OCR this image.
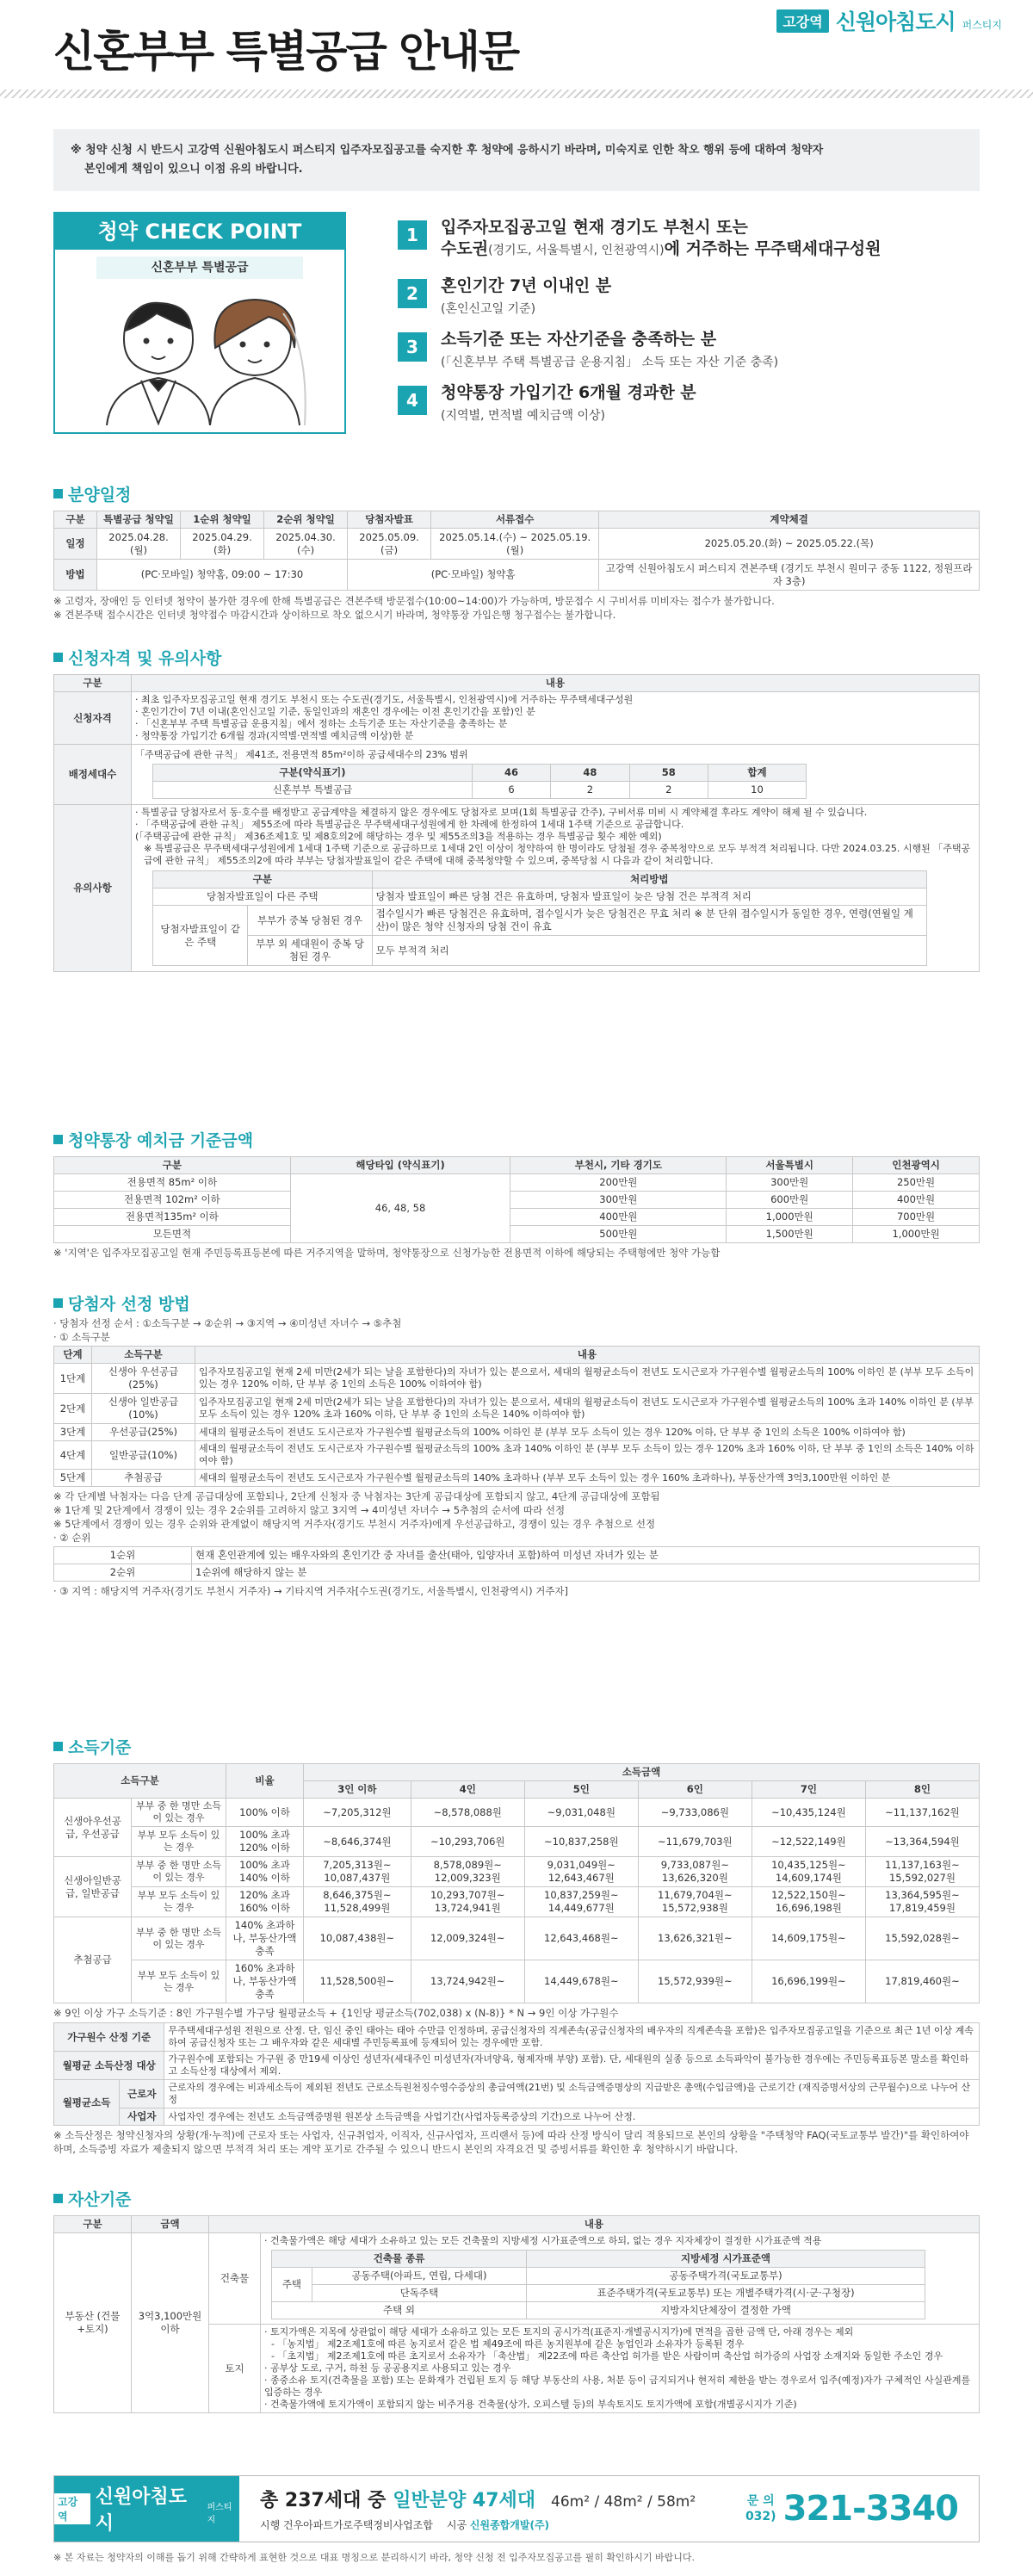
신혼부부 특별공급 안내문
고강역 신원아침도시 퍼스티지
※ 청약 신청 시 반드시 고강역 신원아침도시 퍼스티지 입주자모집공고를 숙지한 후 청약에 응하시기 바라며, 미숙지로 인한 착오 행위 등에 대하여 청약자
본인에게 책임이 있으니 이점 유의 바랍니다.
청약 CHECK POINT
신혼부부 특별공급
1	입주자모집공고일 현재 경기도 부천시 또는
수도권(경기도, 서울특별시, 인천광역시)에 거주하는 무주택세대구성원
2	혼인기간 7년 이내인 분
(혼인신고일 기준)
3	소득기준 또는 자산기준을 충족하는 분
(「신혼부부 주택 특별공급 운용지침」 소득 또는 자산 기준 충족)
4	청약통장 가입기간 6개월 경과한 분
(지역별, 면적별 예치금액 이상)
분양일정
구분	특별공급 청약일	1순위 청약일	2순위 청약일	당첨자발표	서류접수	계약체결
일정	2025.04.28.(월)	2025.04.29.(화)	2025.04.30.(수)	2025.05.09.(금)	2025.05.14.(수) ~ 2025.05.19.(월)	2025.05.20.(화) ~ 2025.05.22.(목)
방법	(PC·모바일) 청약홈, 09:00 ~ 17:30			(PC·모바일) 청약홈		고강역 신원아침도시 퍼스티지 견본주택 (경기도 부천시 원미구 중동 1122, 정원프라자 3층)
※ 고령자, 장애인 등 인터넷 청약이 불가한 경우에 한해 특별공급은 견본주택 방문접수(10:00~14:00)가 가능하며, 방문접수 시 구비서류 미비자는 접수가 불가합니다.
※ 견본주택 접수시간은 인터넷 청약접수 마감시간과 상이하므로 착오 없으시기 바라며, 청약통장 가입은행 청구접수는 불가합니다.
신청자격 및 유의사항
구분	내용
신청자격	
· 최초 입주자모집공고일 현재 경기도 부천시 또는 수도권(경기도, 서울특별시, 인천광역시)에 거주하는 무주택세대구성원
· 혼인기간이 7년 이내(혼인신고일 기준, 동일인과의 재혼인 경우에는 이전 혼인기간을 포함)인 분
· 「신혼부부 주택 특별공급 운용지침」에서 정하는 소득기준 또는 자산기준을 충족하는 분
· 청약통장 가입기간 6개월 경과(지역별·면적별 예치금액 이상)한 분

배정세대수	
「주택공급에 관한 규칙」 제41조, 전용면적 85m²이하 공급세대수의 23% 범위
구분(약식표기)	46	48	58	합계
신혼부부 특별공급	6	2	2	10

유의사항	
· 특별공급 당첨자로서 동·호수를 배정받고 공급계약을 체결하지 않은 경우에도 당첨자로 보며(1회 특별공급 간주), 구비서류 미비 시 계약체결 후라도 계약이 해제 될 수 있습니다.
· 「주택공급에 관한 규칙」 제55조에 따라 특별공급은 무주택세대구성원에게 한 차례에 한정하여 1세대 1주택 기준으로 공급합니다.
(「주택공급에 관한 규칙」 제36조제1호 및 제8호의2에 해당하는 경우 및 제55조의3을 적용하는 경우 특별공급 횟수 제한 예외)
※ 특별공급은 무주택세대구성원에게 1세대 1주택 기준으로 공급하므로 1세대 2인 이상이 청약하여 한 명이라도 당첨될 경우 중복청약으로 모두 부적격 처리됩니다. 다만 2024.03.25. 시행된 「주택공급에 관한 규칙」 제55조의2에 따라 부부는 당첨자발표일이 같은 주택에 대해 중복청약할 수 있으며, 중복당첨 시 다음과 같이 처리합니다.
구분	처리방법
당첨자발표일이 다른 주택	당첨자 발표일이 빠른 당첨 건은 유효하며, 당첨자 발표일이 늦은 당첨 건은 부적격 처리
당첨자발표일이 같은 주택	부부가 중복 당첨된 경우	접수일시가 빠른 당첨건은 유효하며, 접수일시가 늦은 당첨건은 무효 처리 ※ 분 단위 접수일시가 동일한 경우, 연령(연월일 계산)이 많은 청약 신청자의 당첨 건이 유효
부부 외 세대원이 중복 당첨된 경우	모두 부적격 처리
청약통장 예치금 기준금액
구분	해당타입 (약식표기)	부천시, 기타 경기도	서울특별시	인천광역시
전용면적 85m² 이하	46, 48, 58	200만원	300만원	250만원
전용면적 102m² 이하		300만원	600만원	400만원
전용면적135m² 이하		400만원	1,000만원	700만원
모든면적		500만원	1,500만원	1,000만원
※ '지역'은 입주자모집공고일 현재 주민등록표등본에 따른 거주지역을 말하며, 청약통장으로 신청가능한 전용면적 이하에 해당되는 주택형에만 청약 가능함
당첨자 선정 방법
· 당첨자 선정 순서 : ①소득구분 → ②순위 → ③지역 → ④미성년 자녀수 → ⑤추첨
· ① 소득구분
단계	소득구분	내용
1단계	신생아 우선공급(25%)	입주자모집공고일 현재 2세 미만(2세가 되는 날을 포함한다)의 자녀가 있는 분으로서, 세대의 월평균소득이 전년도 도시근로자 가구원수별 월평균소득의 100% 이하인 분 (부부 모두 소득이 있는 경우 120% 이하, 단 부부 중 1인의 소득은 100% 이하여야 함)
2단계	신생아 일반공급(10%)	입주자모집공고일 현재 2세 미만(2세가 되는 날을 포함한다)의 자녀가 있는 분으로서, 세대의 월평균소득이 전년도 도시근로자 가구원수별 월평균소득의 100% 초과 140% 이하인 분 (부부 모두 소득이 있는 경우 120% 초과 160% 이하, 단 부부 중 1인의 소득은 140% 이하여야 함)
3단계	우선공급(25%)	세대의 월평균소득이 전년도 도시근로자 가구원수별 월평균소득의 100% 이하인 분 (부부 모두 소득이 있는 경우 120% 이하, 단 부부 중 1인의 소득은 100% 이하여야 함)
4단계	일반공급(10%)	세대의 월평균소득이 전년도 도시근로자 가구원수별 월평균소득의 100% 초과 140% 이하인 분 (부부 모두 소득이 있는 경우 120% 초과 160% 이하, 단 부부 중 1인의 소득은 140% 이하여야 함)
5단계	추첨공급	세대의 월평균소득이 전년도 도시근로자 가구원수별 월평균소득의 140% 초과하나 (부부 모두 소득이 있는 경우 160% 초과하나), 부동산가액 3억3,100만원 이하인 분
※ 각 단계별 낙첨자는 다음 단계 공급대상에 포함되나, 2단계 신청자 중 낙첨자는 3단계 공급대상에 포함되지 않고, 4단계 공급대상에 포함됨
※ 1단계 및 2단계에서 경쟁이 있는 경우 2순위를 고려하지 않고 3지역 → 4미성년 자녀수 → 5추첨의 순서에 따라 선정
※ 5단계에서 경쟁이 있는 경우 순위와 관계없이 해당지역 거주자(경기도 부천시 거주자)에게 우선공급하고, 경쟁이 있는 경우 추첨으로 선정
· ② 순위
1순위	현재 혼인관계에 있는 배우자와의 혼인기간 중 자녀를 출산(태아, 입양자녀 포함)하여 미성년 자녀가 있는 분
2순위	1순위에 해당하지 않는 분
· ③ 지역 : 해당지역 거주자(경기도 부천시 거주자) → 기타지역 거주자[수도권(경기도, 서울특별시, 인천광역시) 거주자]
소득기준
소득구분		비율	소득금액					
			3인 이하	4인	5인	6인	7인	8인
신생아우선공급, 우선공급	부부 중 한 명만 소득이 있는 경우	100% 이하	~7,205,312원	~8,578,088원	~9,031,048원	~9,733,086원	~10,435,124원	~11,137,162원
	부부 모두 소득이 있는 경우	100% 초과 120% 이하	~8,646,374원	~10,293,706원	~10,837,258원	~11,679,703원	~12,522,149원	~13,364,594원
신생아일반공급, 일반공급	부부 중 한 명만 소득이 있는 경우	100% 초과 140% 이하	7,205,313원~ 10,087,437원	8,578,089원~ 12,009,323원	9,031,049원~ 12,643,467원	9,733,087원~ 13,626,320원	10,435,125원~ 14,609,174원	11,137,163원~ 15,592,027원
	부부 모두 소득이 있는 경우	120% 초과 160% 이하	8,646,375원~ 11,528,499원	10,293,707원~ 13,724,941원	10,837,259원~ 14,449,677원	11,679,704원~ 15,572,938원	12,522,150원~ 16,696,198원	13,364,595원~ 17,819,459원
추첨공급	부부 중 한 명만 소득이 있는 경우	140% 초과하나, 부동산가액 충족	10,087,438원~	12,009,324원~	12,643,468원~	13,626,321원~	14,609,175원~	15,592,028원~
	부부 모두 소득이 있는 경우	160% 초과하나, 부동산가액 충족	11,528,500원~	13,724,942원~	14,449,678원~	15,572,939원~	16,696,199원~	17,819,460원~
※ 9인 이상 가구 소득기준 : 8인 가구원수별 가구당 월평균소득 + {1인당 평균소득(702,038) x (N-8)} * N → 9인 이상 가구원수
가구원수 산정 기준		무주택세대구성원 전원으로 산정. 단, 임신 중인 태아는 태아 수만큼 인정하며, 공급신청자의 직계존속(공급신청자의 배우자의 직계존속을 포함)은 입주자모집공고일을 기준으로 최근 1년 이상 계속하여 공급신청자 또는 그 배우자와 같은 세대별 주민등록표에 등재되어 있는 경우에만 포함.
월평균 소득산정 대상		가구원수에 포함되는 가구원 중 만19세 이상인 성년자(세대주인 미성년자(자녀양육, 형제자매 부양) 포함). 단, 세대원의 실종 등으로 소득파악이 불가능한 경우에는 주민등록표등본 말소를 확인하고 소득산정 대상에서 제외.
월평균소득	근로자	근로자의 경우에는 비과세소득이 제외된 전년도 근로소득원천징수영수증상의 총급여액(21번) 및 소득금액증명상의 지급받은 총액(수입금액)을 근로기간 (재직증명서상의 근무월수)으로 나누어 산정
	사업자	사업자인 경우에는 전년도 소득금액증명원 원본상 소득금액을 사업기간(사업자등록증상의 기간)으로 나누어 산정.
※ 소득산정은 청약신청자의 상황(개·누적)에 근로자 또는 사업자, 신규취업자, 이직자, 신규사업자, 프리랜서 등)에 따라 산정 방식이 달리 적용되므로 본인의 상황을 "주택청약 FAQ(국토교통부 발간)"를 확인하여야 하며, 소득증빙 자료가 제출되지 않으면 부적격 처리 또는 계약 포기로 간주될 수 있으니 반드시 본인의 자격요건 및 증빙서류를 확인한 후 청약하시기 바랍니다.
자산기준
구분	금액	내용
부동산 (건물+토지)	3억3,100만원 이하	건축물	
· 건축물가액은 해당 세대가 소유하고 있는 모든 건축물의 지방세정 시가표준액으로 하되, 없는 경우 지자체장이 결정한 시가표준액 적용
건축물 종류	지방세정 시가표준액
주택	공동주택(아파트, 연립, 다세대)	공동주택가격(국토교통부)
단독주택	표준주택가격(국토교통부) 또는 개별주택가격(시·군·구청장)
주택 외	지방자치단체장이 결정한 가액

토지	
· 토지가액은 지목에 상관없이 해당 세대가 소유하고 있는 모든 토지의 공시가격(표준지·개별공시지가)에 면적을 곱한 금액 단, 아래 경우는 제외
- 「농지법」 제2조제1호에 따른 농지로서 같은 법 제49조에 따른 농지원부에 같은 농업인과 소유자가 등록된 경우
- 「초지법」 제2조제1호에 따른 초지로서 소유자가 「축산법」 제22조에 따른 축산업 허가를 받은 사람이며 축산업 허가증의 사업장 소재지와 동일한 주소인 경우
· 공부상 도로, 구거, 하천 등 공공용지로 사용되고 있는 경우
· 종중소유 토지(건축물을 포함) 또는 문화재가 건립된 토지 등 해당 부동산의 사용, 처분 등이 금지되거나 현저히 제한을 받는 경우로서 입주(예정)자가 구체적인 사실관계를 입증하는 경우
· 건축물가액에 토지가액이 포함되지 않는 비주거용 건축물(상가, 오피스텔 등)의 부속토지도 토지가액에 포함(개별공시지가 기준)
고강역
신원아침도시
퍼스티지
총 237세대 중 일반분양 47세대 46m² / 48m² / 58m²
시행 건우아파트가로주택정비사업조합 시공 신원종합개발(주)
문 의
032) 321-3340
※ 본 자료는 청약자의 이해를 돕기 위해 간략하게 표현한 것으로 대표 명칭으로 분리하시기 바라, 청약 신청 전 입주자모집공고를 필히 확인하시기 바랍니다.
